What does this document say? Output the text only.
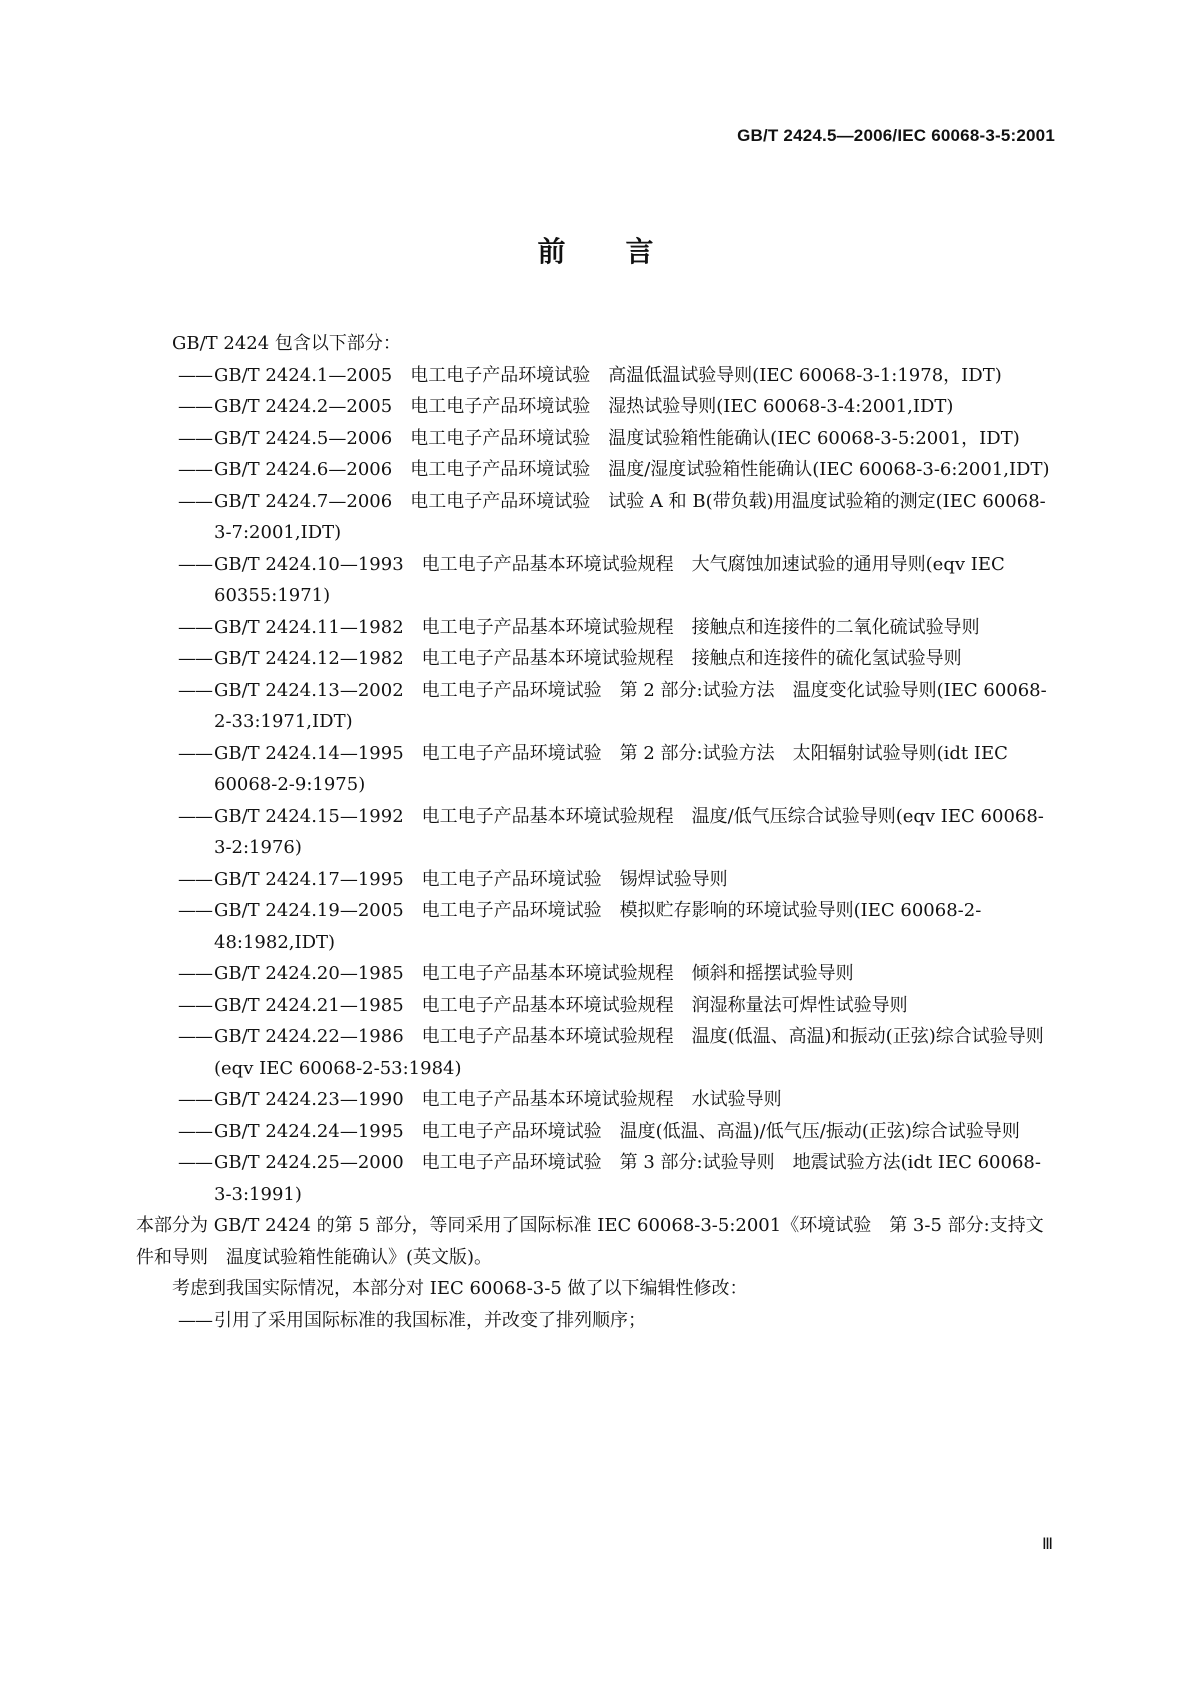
GB/T 2424.5—2006/IEC 60068-3-5:2001
前言

GB/T 2424 包含以下部分：

—— GB/T 2424.1—2005　电工电子产品环境试验　高温低温试验导则(IEC 60068-3-1:1978，IDT)
—— GB/T 2424.2—2005　电工电子产品环境试验　湿热试验导则(IEC 60068-3-4:2001,IDT)
—— GB/T 2424.5—2006　电工电子产品环境试验　温度试验箱性能确认(IEC 60068-3-5:2001，IDT)
—— GB/T 2424.6—2006　电工电子产品环境试验　温度/湿度试验箱性能确认(IEC 60068-3-6:2001,IDT)
—— GB/T 2424.7—2006　电工电子产品环境试验　试验 A 和 B(带负载)用温度试验箱的测定(IEC 60068-3-7:2001,IDT)
—— GB/T 2424.10—1993　电工电子产品基本环境试验规程　大气腐蚀加速试验的通用导则(eqv IEC 60355:1971)
—— GB/T 2424.11—1982　电工电子产品基本环境试验规程　接触点和连接件的二氧化硫试验导则
—— GB/T 2424.12—1982　电工电子产品基本环境试验规程　接触点和连接件的硫化氢试验导则
—— GB/T 2424.13—2002　电工电子产品环境试验　第 2 部分:试验方法　温度变化试验导则(IEC 60068-2-33:1971,IDT)
—— GB/T 2424.14—1995　电工电子产品环境试验　第 2 部分:试验方法　太阳辐射试验导则(idt IEC 60068-2-9:1975)
—— GB/T 2424.15—1992　电工电子产品基本环境试验规程　温度/低气压综合试验导则(eqv IEC 60068-3-2:1976)
—— GB/T 2424.17—1995　电工电子产品环境试验　锡焊试验导则
—— GB/T 2424.19—2005　电工电子产品环境试验　模拟贮存影响的环境试验导则(IEC 60068-2-48:1982,IDT)
—— GB/T 2424.20—1985　电工电子产品基本环境试验规程　倾斜和摇摆试验导则
—— GB/T 2424.21—1985　电工电子产品基本环境试验规程　润湿称量法可焊性试验导则
—— GB/T 2424.22—1986　电工电子产品基本环境试验规程　温度(低温、高温)和振动(正弦)综合试验导则(eqv IEC 60068-2-53:1984)
—— GB/T 2424.23—1990　电工电子产品基本环境试验规程　水试验导则
—— GB/T 2424.24—1995　电工电子产品环境试验　温度(低温、高温)/低气压/振动(正弦)综合试验导则
—— GB/T 2424.25—2000　电工电子产品环境试验　第 3 部分:试验导则　地震试验方法(idt IEC 60068-3-3:1991)

本部分为 GB/T 2424 的第 5 部分，等同采用了国际标准 IEC 60068-3-5:2001《环境试验　第 3-5 部分:支持文件和导则　温度试验箱性能确认》(英文版)。

考虑到我国实际情况，本部分对 IEC 60068-3-5 做了以下编辑性修改：

—— 引用了采用国际标准的我国标准，并改变了排列顺序；
Ⅲ
